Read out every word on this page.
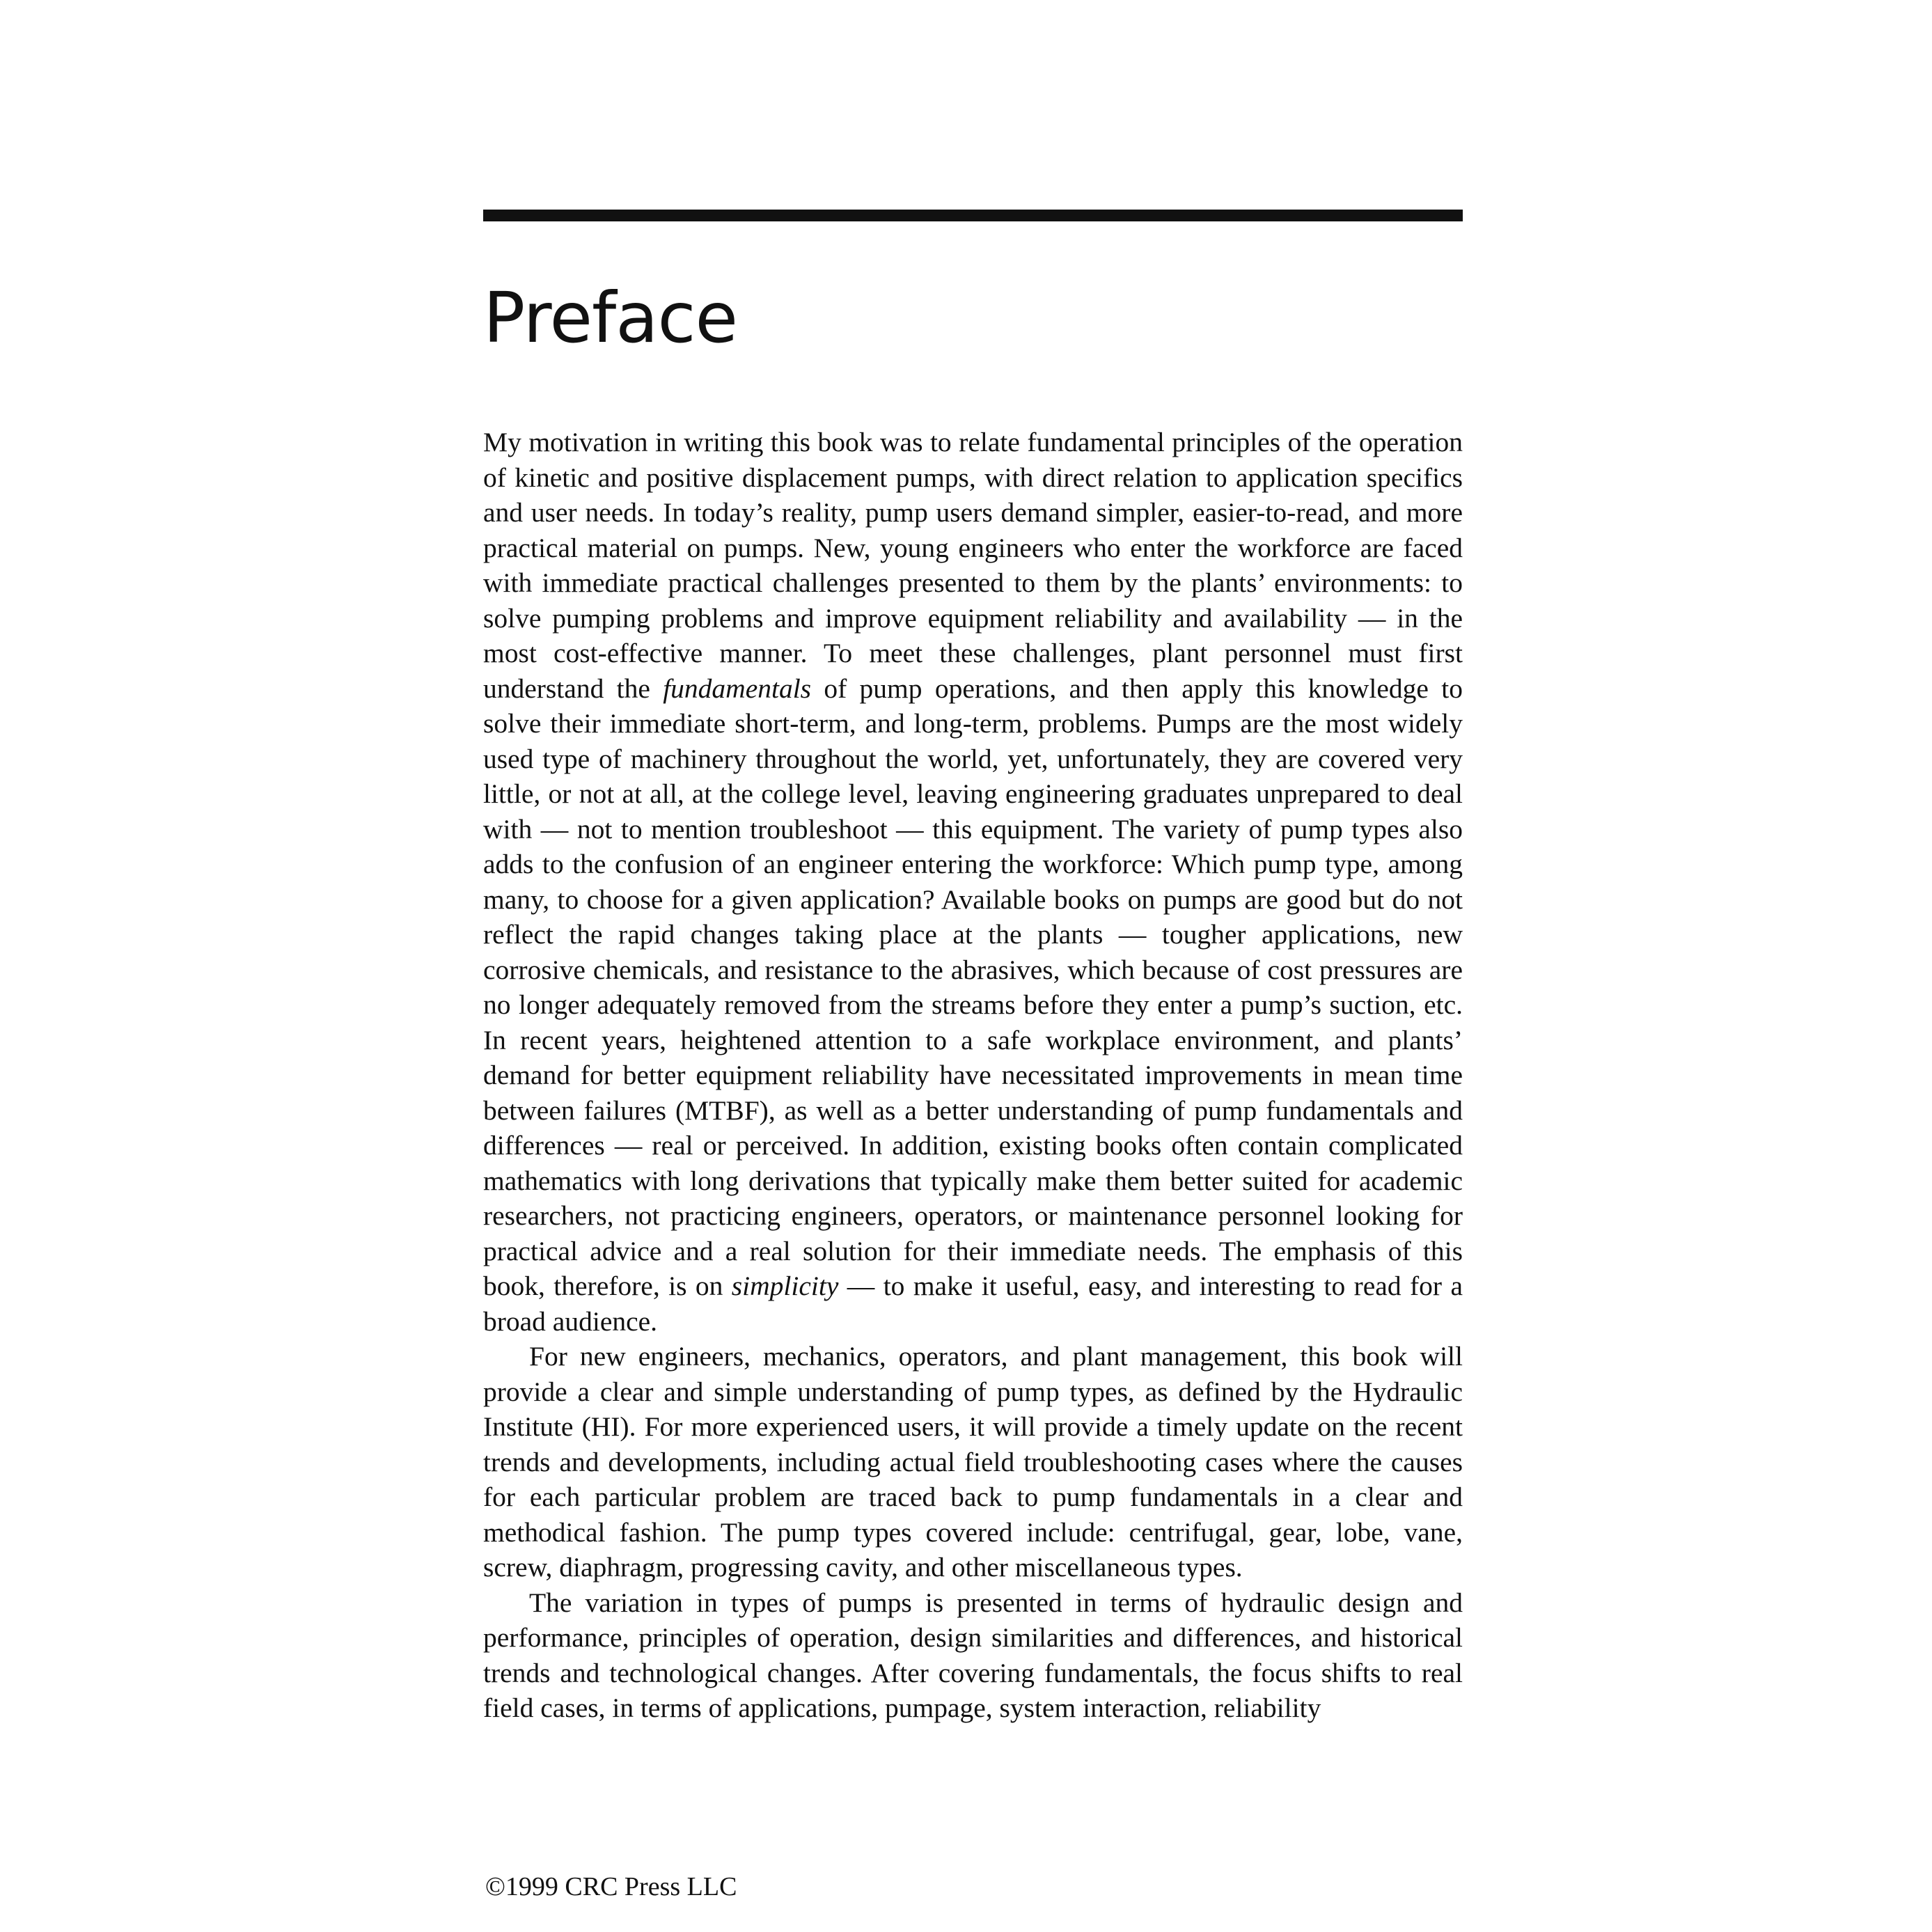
Preface

My motivation in writing this book was to relate fundamental principles of the operation of kinetic and positive displacement pumps, with direct relation to application specifics and user needs. In today’s reality, pump users demand simpler, easier-to-read, and more practical material on pumps. New, young engineers who enter the workforce are faced with immediate practical challenges presented to them by the plants’ environments: to solve pumping problems and improve equipment reliability and availability — in the most cost-effective manner. To meet these challenges, plant personnel must first understand the fundamentals of pump operations, and then apply this knowledge to solve their immediate short-term, and long-term, problems. Pumps are the most widely used type of machinery throughout the world, yet, unfortunately, they are covered very little, or not at all, at the college level, leaving engineering graduates unprepared to deal with — not to mention troubleshoot — this equipment. The variety of pump types also adds to the confusion of an engineer entering the workforce: Which pump type, among many, to choose for a given application? Available books on pumps are good but do not reflect the rapid changes taking place at the plants — tougher applications, new corrosive chemicals, and resistance to the abrasives, which because of cost pressures are no longer adequately removed from the streams before they enter a pump’s suction, etc. In recent years, heightened attention to a safe workplace environment, and plants’ demand for better equipment reliability have necessitated improvements in mean time between failures (MTBF), as well as a better understanding of pump fundamentals and differences — real or perceived. In addition, existing books often contain complicated mathematics with long derivations that typically make them better suited for academic researchers, not practicing engineers, operators, or maintenance personnel looking for practical advice and a real solution for their immediate needs. The emphasis of this book, therefore, is on simplicity — to make it useful, easy, and interesting to read for a broad audience.

For new engineers, mechanics, operators, and plant management, this book will provide a clear and simple understanding of pump types, as defined by the Hydraulic Institute (HI). For more experienced users, it will provide a timely update on the recent trends and developments, including actual field troubleshooting cases where the causes for each particular problem are traced back to pump fundamentals in a clear and methodical fashion. The pump types covered include: centrifugal, gear, lobe, vane, screw, diaphragm, progressing cavity, and other miscellaneous types.

The variation in types of pumps is presented in terms of hydraulic design and performance, principles of operation, design similarities and differences, and historical trends and technological changes. After covering fundamentals, the focus shifts to real field cases, in terms of applications, pumpage, system interaction, reliability

©1999 CRC Press LLC
